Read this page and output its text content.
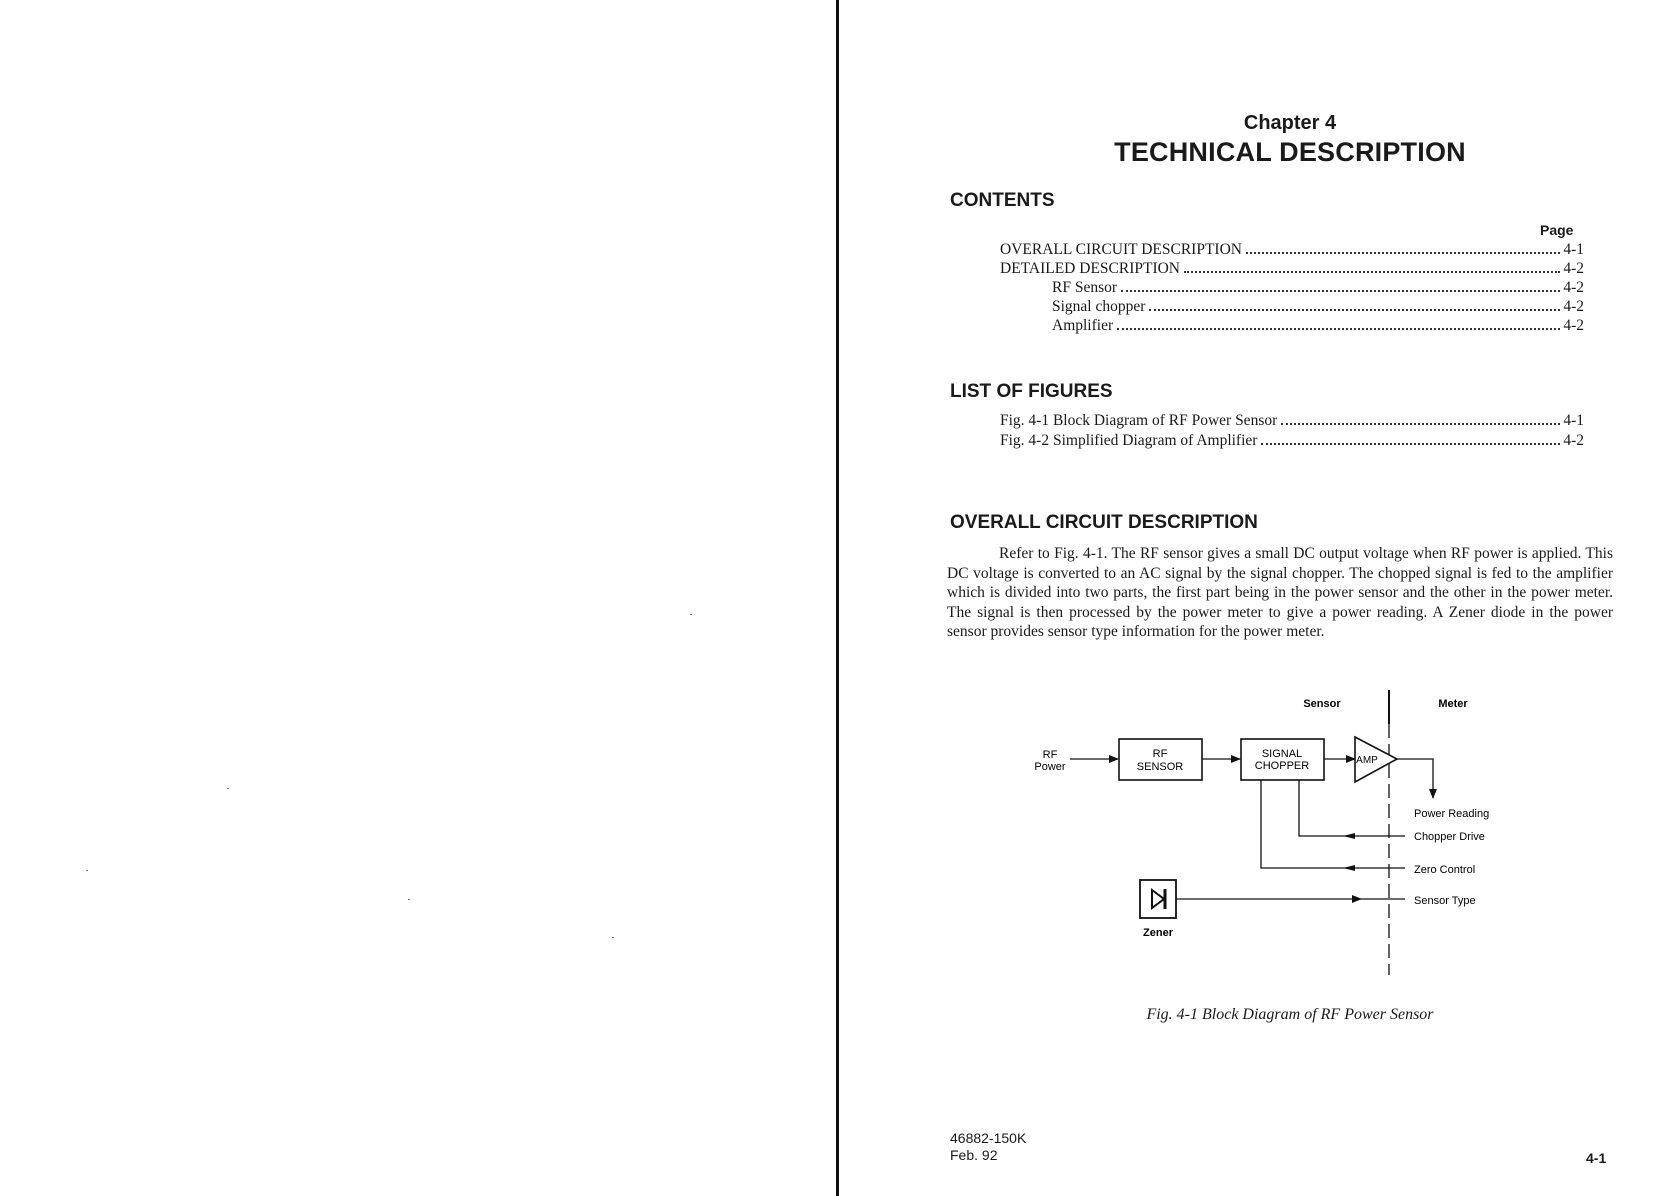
Chapter 4
TECHNICAL DESCRIPTION
CONTENTS
Page
OVERALL CIRCUIT DESCRIPTION	4-1
DETAILED DESCRIPTION	4-2
RF Sensor	4-2
Signal chopper	4-2
Amplifier	4-2
LIST OF FIGURES
Fig. 4-1 Block Diagram of RF Power Sensor	4-1
Fig. 4-2 Simplified Diagram of Amplifier	4-2
OVERALL CIRCUIT DESCRIPTION
Refer to Fig. 4-1. The RF sensor gives a small DC output voltage when RF power is applied. This DC voltage is converted to an AC signal by the signal chopper. The chopped signal is fed to the amplifier which is divided into two parts, the first part being in the power sensor and the other in the power meter. The signal is then processed by the power meter to give a power reading. A Zener diode in the power sensor provides sensor type information for the power meter.
Sensor	Meter
RF
Power
RF
SENSOR
SIGNAL
CHOPPER	AMP
Power Reading
Chopper Drive
Zero Control
Sensor Type
Zener
Fig. 4-1 Block Diagram of RF Power Sensor
46882-150K
Feb. 92	4-1
